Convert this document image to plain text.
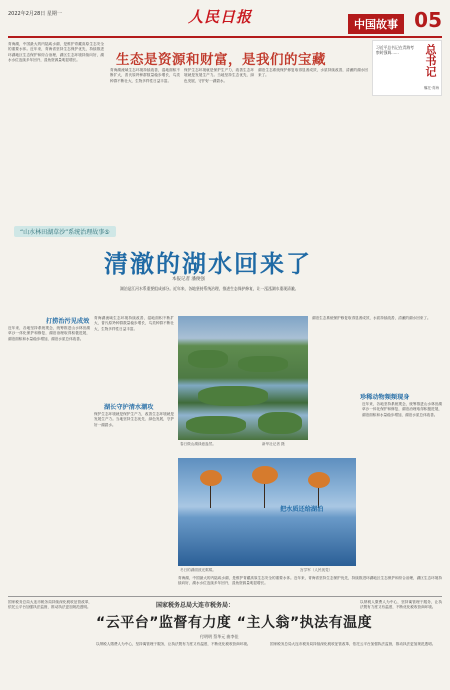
2022年2月28日 星期一	人民日报	中国故事 05
青海湖，中国最大的内陆咸水湖，是维护青藏高原生态安全的重要水体。近年来，青海省坚持生态保护优先，持续推进环湖地区生态保护和综合治理，湖区生态环境持续向好，湖水水位连续多年回升，湟鱼资源量明显增长。	生态是资源和财富，是我们的宝藏
青海湖流域生态环境持续改善，湿地面积不断扩大，普氏原羚种群数量稳步增长，鸟类种群不断壮大，生物多样性日益丰富。
保护生态环境就是保护生产力，改善生态环境就是发展生产力。当地坚持生态优先、绿色发展，守护好一湖碧水。
湖泊生态系统保护修复取得显著成效，水质持续改善，清澈的湖水回来了。
习近平总书记在青海考察时强调……	总书记
嘱托·青海
“山水林田湖草沙”系统治理故事⑤
清澈的湖水回来了
本报记者 潘俊强
湖泊是江河水系重要组成部分。近年来，各地坚持系统治理，推进生态保护修复，让一泓泓湖水重现清澈。
打捞治污见成效
近年来，各地坚持系统观念，统筹推进山水林田湖草沙一体化保护和修复，湖泊治理取得积极进展，湖泊面积和水量稳步增加，湖泊水质总体改善。
青海湖流域生态环境持续改善，湿地面积不断扩大，普氏原羚种群数量稳步增长，鸟类种群不断壮大，生物多样性日益丰富。
湖长守护清水潮攻
保护生态环境就是保护生产力，改善生态环境就是发展生产力。当地坚持生态优先、绿色发展，守护好一湖碧水。
春日微山湖绿意盎然。	新华社记者 摄
湖泊生态系统保护修复取得显著成效，水质持续改善，清澈的湖水回来了。
珍稀动物频频现身
近年来，各地坚持系统观念，统筹推进山水林田湖草沙一体化保护和修复，湖泊治理取得积极进展，湖泊面积和水量稳步增加，湖泊水质总体改善。
冬日的湖面波光粼粼。	宫学军（人民视觉）
把水质还给湖泊
青海湖，中国最大的内陆咸水湖，是维护青藏高原生态安全的重要水体。近年来，青海省坚持生态保护优先，持续推进环湖地区生态保护和综合治理，湖区生态环境持续向好，湖水水位连续多年回升，湟鱼资源量明显增长。
国家税务总局大连市税务局：
“云平台”监督有力度 “主人翁”执法有温度
付明明 蔡华元 曲李佳
国家税务总局大连市税务局持续深化税收征管改革，依托云平台加强执法监督，推动执法更加规范透明。
以纳税人缴费人为中心，坚持寓管理于服务，让执法既有力度又有温度，不断优化税收营商环境。	国家税务总局大连市税务局持续深化税收征管改革，依托云平台加强执法监督，推动执法更加规范透明。
以纳税人缴费人为中心，坚持寓管理于服务，让执法既有力度又有温度，不断优化税收营商环境。
